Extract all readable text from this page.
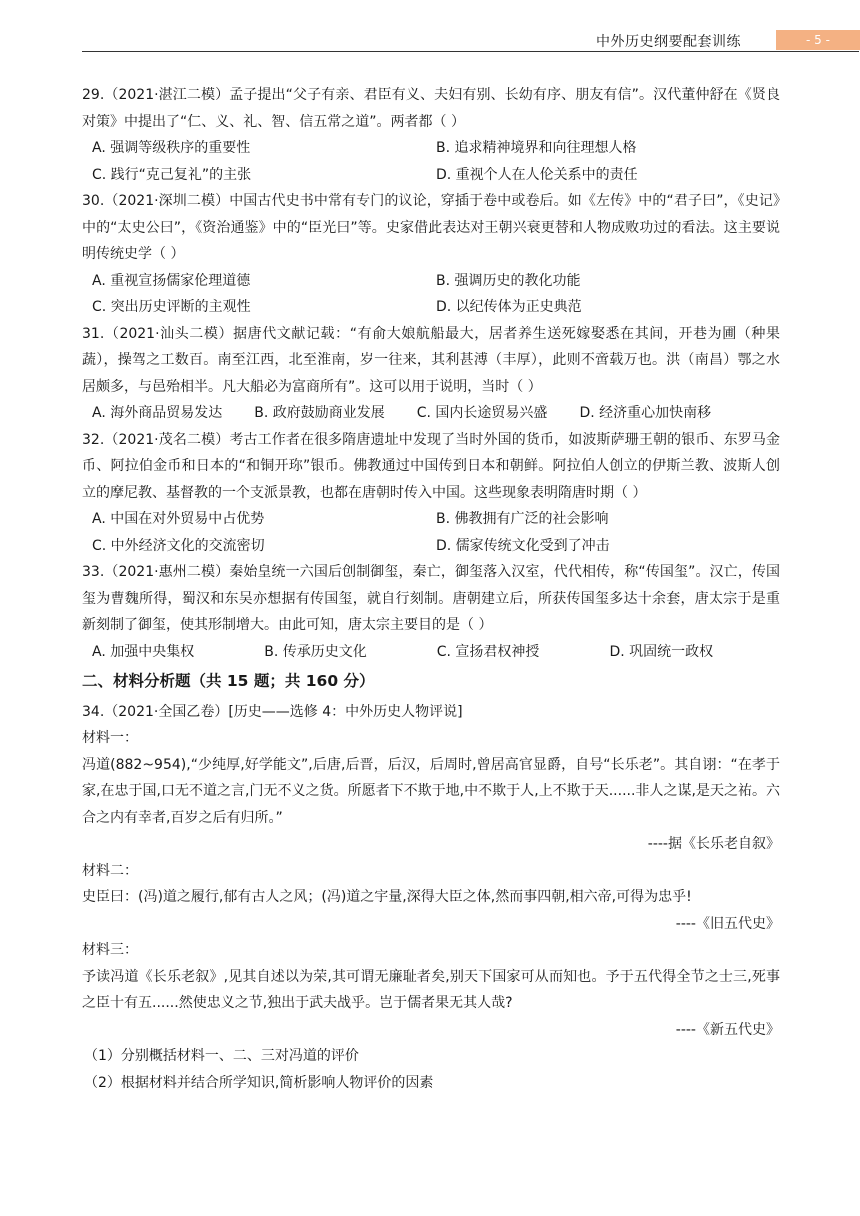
中外历史纲要配套训练	- 5 -

29.（2021·湛江二模）孟子提出“父子有亲、君臣有义、夫妇有别、长幼有序、朋友有信”。汉代董仲舒在《贤良对策》中提出了“仁、义、礼、智、信五常之道”。两者都（ ）

A. 强调等级秩序的重要性	B. 追求精神境界和向往理想人格
C. 践行“克己复礼”的主张	D. 重视个人在人伦关系中的责任

30.（2021·深圳二模）中国古代史书中常有专门的议论，穿插于卷中或卷后。如《左传》中的“君子曰”，《史记》中的“太史公曰”，《资治通鉴》中的“臣光曰”等。史家借此表达对王朝兴衰更替和人物成败功过的看法。这主要说明传统史学（ ）

A. 重视宣扬儒家伦理道德	B. 强调历史的教化功能
C. 突出历史评断的主观性	D. 以纪传体为正史典范

31.（2021·汕头二模）据唐代文献记载：“有俞大娘航船最大，居者养生送死嫁娶悉在其间，开巷为圃（种果蔬），操驾之工数百。南至江西，北至淮南，岁一往来，其利甚溥（丰厚），此则不啻载万也。洪（南昌）鄂之水居颇多，与邑殆相半。凡大船必为富商所有”。这可以用于说明，当时（ ）

A. 海外商品贸易发达 B. 政府鼓励商业发展 C. 国内长途贸易兴盛 D. 经济重心加快南移

32.（2021·茂名二模）考古工作者在很多隋唐遗址中发现了当时外国的货币，如波斯萨珊王朝的银币、东罗马金币、阿拉伯金币和日本的“和铜开珎”银币。佛教通过中国传到日本和朝鲜。阿拉伯人创立的伊斯兰教、波斯人创立的摩尼教、基督教的一个支派景教，也都在唐朝时传入中国。这些现象表明隋唐时期（ ）

A. 中国在对外贸易中占优势	B. 佛教拥有广泛的社会影响
C. 中外经济文化的交流密切	D. 儒家传统文化受到了冲击

33.（2021·惠州二模）秦始皇统一六国后创制御玺，秦亡，御玺落入汉室，代代相传，称“传国玺”。汉亡，传国玺为曹魏所得，蜀汉和东吴亦想据有传国玺，就自行刻制。唐朝建立后，所获传国玺多达十余套，唐太宗于是重新刻制了御玺，使其形制增大。由此可知，唐太宗主要目的是（ ）

A. 加强中央集权	B. 传承历史文化	C. 宣扬君权神授	D. 巩固统一政权
二、材料分析题（共 15 题；共 160 分）

34.（2021·全国乙卷）[历史——选修 4：中外历史人物评说]

材料一：

冯道(882~954),“少纯厚,好学能文”,后唐,后晋，后汉，后周时,曾居高官显爵，自号“长乐老”。其自诩：“在孝于家,在忠于国,口无不道之言,门无不义之货。所愿者下不欺于地,中不欺于人,上不欺于天......非人之谋,是天之祐。六合之内有幸者,百岁之后有归所。”

----据《长乐老自叙》

材料二：

史臣曰：(冯)道之履行,郁有古人之风；(冯)道之宇量,深得大臣之体,然而事四朝,相六帝,可得为忠乎!

----《旧五代史》

材料三：

予读冯道《长乐老叙》,见其自述以为荣,其可谓无廉耻者矣,别天下国家可从而知也。予于五代得全节之士三,死事之臣十有五......然使忠义之节,独出于武夫战乎。岂于儒者果无其人哉?

----《新五代史》

（1）分别概括材料一、二、三对冯道的评价

（2）根据材料并结合所学知识,简析影响人物评价的因素
